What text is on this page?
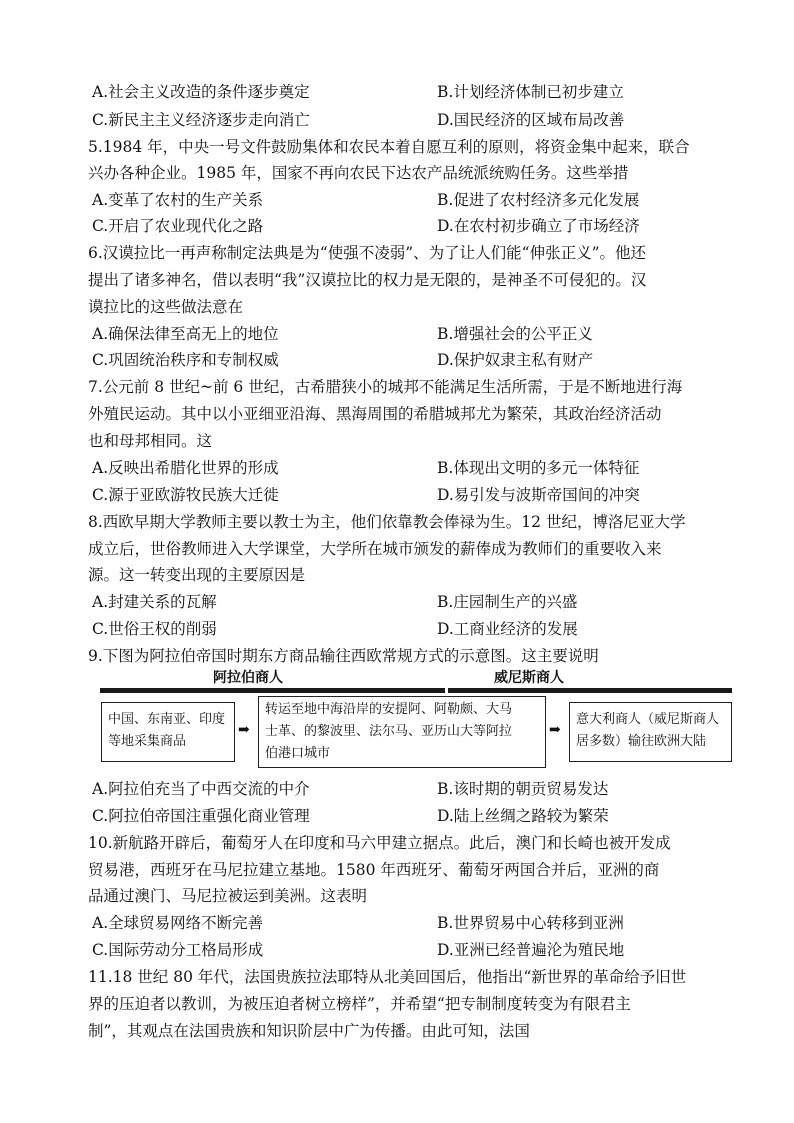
A.社会主义改造的条件逐步奠定	B.计划经济体制已初步建立
C.新民主主义经济逐步走向消亡	D.国民经济的区域布局改善
5.1984 年，中央一号文件鼓励集体和农民本着自愿互利的原则，将资金集中起来，联合
兴办各种企业。1985 年，国家不再向农民下达农产品统派统购任务。这些举措
A.变革了农村的生产关系	B.促进了农村经济多元化发展
C.开启了农业现代化之路	D.在农村初步确立了市场经济
6.汉谟拉比一再声称制定法典是为“使强不凌弱”、为了让人们能“伸张正义”。他还
提出了诸多神名，借以表明“我”汉谟拉比的权力是无限的，是神圣不可侵犯的。汉
谟拉比的这些做法意在
A.确保法律至高无上的地位	B.增强社会的公平正义
C.巩固统治秩序和专制权威	D.保护奴隶主私有财产
7.公元前 8 世纪~前 6 世纪，古希腊狭小的城邦不能满足生活所需，于是不断地进行海
外殖民运动。其中以小亚细亚沿海、黑海周围的希腊城邦尤为繁荣，其政治经济活动
也和母邦相同。这
A.反映出希腊化世界的形成	B.体现出文明的多元一体特征
C.源于亚欧游牧民族大迁徙	D.易引发与波斯帝国间的冲突
8.西欧早期大学教师主要以教士为主，他们依靠教会俸禄为生。12 世纪，博洛尼亚大学
成立后，世俗教师进入大学课堂，大学所在城市颁发的薪俸成为教师们的重要收入来
源。这一转变出现的主要原因是
A.封建关系的瓦解	B.庄园制生产的兴盛
C.世俗王权的削弱	D.工商业经济的发展
9.下图为阿拉伯帝国时期东方商品输往西欧常规方式的示意图。这主要说明
阿拉伯商人	威尼斯商人
中国、东南亚、印度
等地采集商品
➡
转运至地中海沿岸的安提阿、阿勒颇、大马
士革、的黎波里、法尔马、亚历山大等阿拉
伯港口城市
➡
意大利商人（威尼斯商人
居多数）输往欧洲大陆
A.阿拉伯充当了中西交流的中介	B.该时期的朝贡贸易发达
C.阿拉伯帝国注重强化商业管理	D.陆上丝绸之路较为繁荣
10.新航路开辟后，葡萄牙人在印度和马六甲建立据点。此后，澳门和长崎也被开发成
贸易港，西班牙在马尼拉建立基地。1580 年西班牙、葡萄牙两国合并后，亚洲的商
品通过澳门、马尼拉被运到美洲。这表明
A.全球贸易网络不断完善	B.世界贸易中心转移到亚洲
C.国际劳动分工格局形成	D.亚洲已经普遍沦为殖民地
11.18 世纪 80 年代，法国贵族拉法耶特从北美回国后，他指出“新世界的革命给予旧世
界的压迫者以教训，为被压迫者树立榜样”，并希望“把专制制度转变为有限君主
制”，其观点在法国贵族和知识阶层中广为传播。由此可知，法国
